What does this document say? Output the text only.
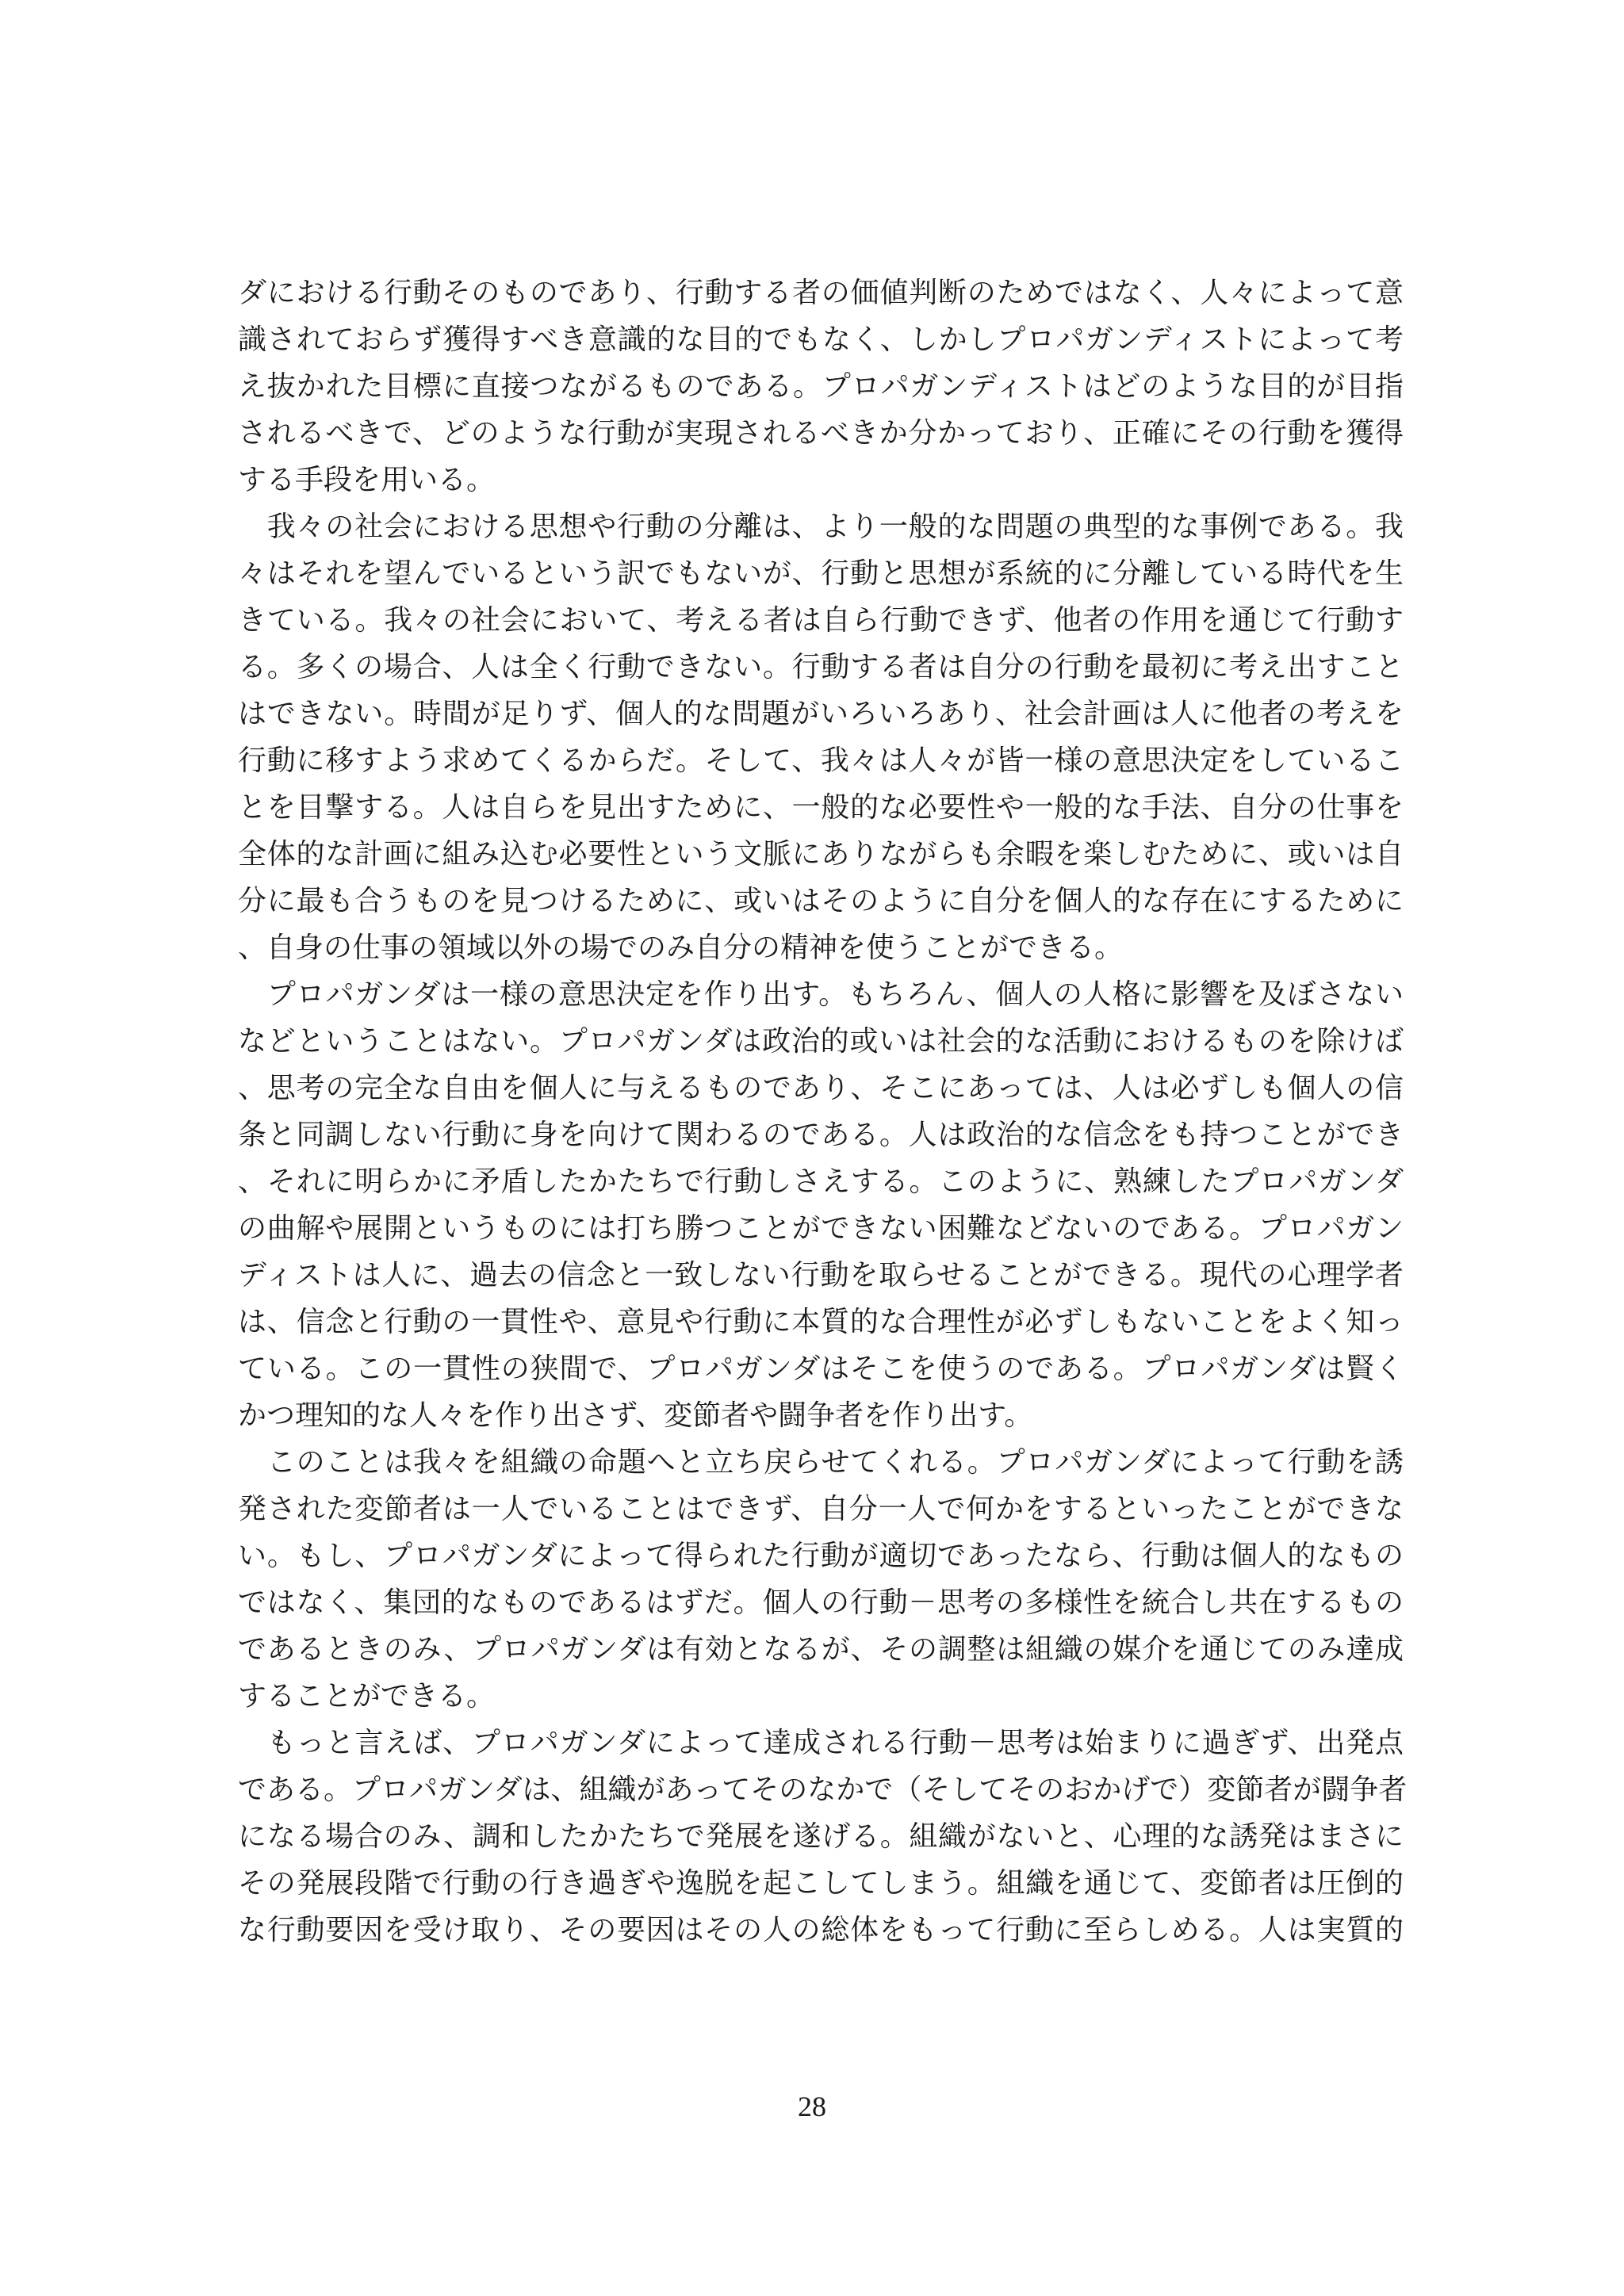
ダにおける行動そのものであり、行動する者の価値判断のためではなく、人々によって意
識されておらず獲得すべき意識的な目的でもなく、しかしプロパガンディストによって考
え抜かれた目標に直接つながるものである。プロパガンディストはどのような目的が目指
されるべきで、どのような行動が実現されるべきか分かっており、正確にその行動を獲得
する手段を用いる。
　我々の社会における思想や行動の分離は、より一般的な問題の典型的な事例である。我
々はそれを望んでいるという訳でもないが、行動と思想が系統的に分離している時代を生
きている。我々の社会において、考える者は自ら行動できず、他者の作用を通じて行動す
る。多くの場合、人は全く行動できない。行動する者は自分の行動を最初に考え出すこと
はできない。時間が足りず、個人的な問題がいろいろあり、社会計画は人に他者の考えを
行動に移すよう求めてくるからだ。そして、我々は人々が皆一様の意思決定をしているこ
とを目撃する。人は自らを見出すために、一般的な必要性や一般的な手法、自分の仕事を
全体的な計画に組み込む必要性という文脈にありながらも余暇を楽しむために、或いは自
分に最も合うものを見つけるために、或いはそのように自分を個人的な存在にするために
、自身の仕事の領域以外の場でのみ自分の精神を使うことができる。
　プロパガンダは一様の意思決定を作り出す。もちろん、個人の人格に影響を及ぼさない
などということはない。プロパガンダは政治的或いは社会的な活動におけるものを除けば
、思考の完全な自由を個人に与えるものであり、そこにあっては、人は必ずしも個人の信
条と同調しない行動に身を向けて関わるのである。人は政治的な信念をも持つことができ
、それに明らかに矛盾したかたちで行動しさえする。このように、熟練したプロパガンダ
の曲解や展開というものには打ち勝つことができない困難などないのである。プロパガン
ディストは人に、過去の信念と一致しない行動を取らせることができる。現代の心理学者
は、信念と行動の一貫性や、意見や行動に本質的な合理性が必ずしもないことをよく知っ
ている。この一貫性の狭間で、プロパガンダはそこを使うのである。プロパガンダは賢く
かつ理知的な人々を作り出さず、変節者や闘争者を作り出す。
　このことは我々を組織の命題へと立ち戻らせてくれる。プロパガンダによって行動を誘
発された変節者は一人でいることはできず、自分一人で何かをするといったことができな
い。もし、プロパガンダによって得られた行動が適切であったなら、行動は個人的なもの
ではなく、集団的なものであるはずだ。個人の行動－思考の多様性を統合し共在するもの
であるときのみ、プロパガンダは有効となるが、その調整は組織の媒介を通じてのみ達成
することができる。
　もっと言えば、プロパガンダによって達成される行動－思考は始まりに過ぎず、出発点
である。プロパガンダは、組織があってそのなかで（そしてそのおかげで）変節者が闘争者
になる場合のみ、調和したかたちで発展を遂げる。組織がないと、心理的な誘発はまさに
その発展段階で行動の行き過ぎや逸脱を起こしてしまう。組織を通じて、変節者は圧倒的
な行動要因を受け取り、その要因はその人の総体をもって行動に至らしめる。人は実質的
28
